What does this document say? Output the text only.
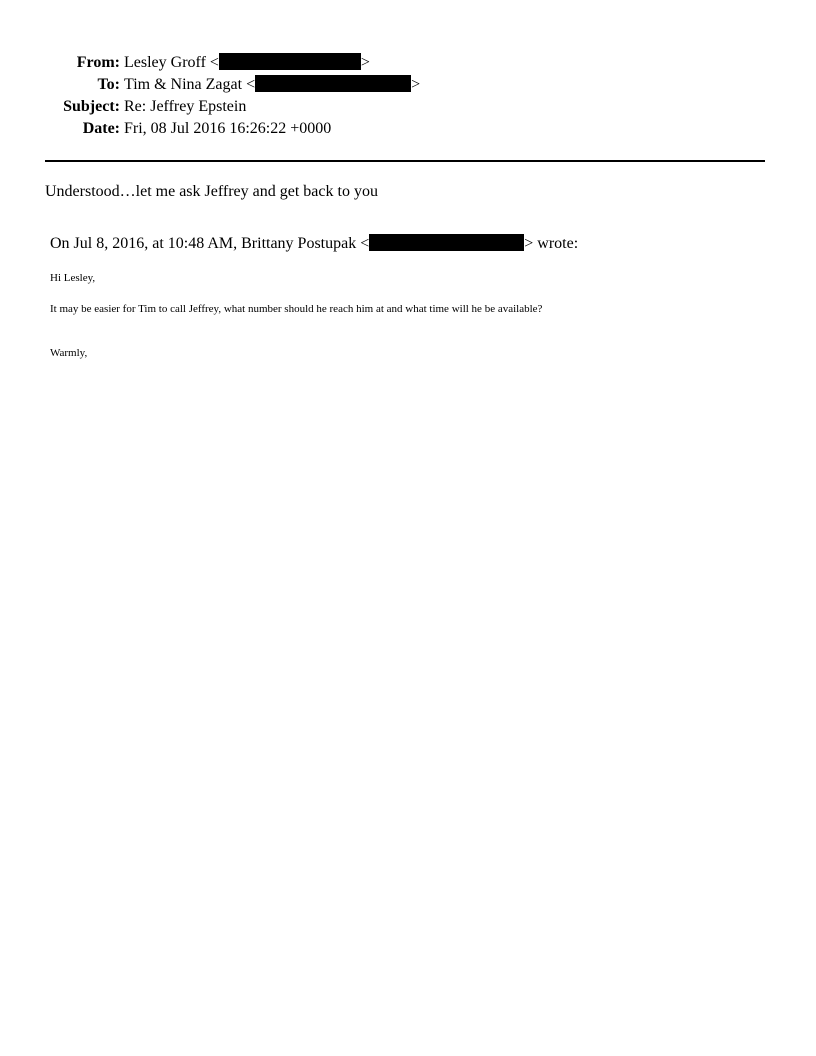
From: Lesley Groff <	>
To: Tim & Nina Zagat <	>
Subject: Re: Jeffrey Epstein
Date: Fri, 08 Jul 2016 16:26:22 +0000
Understood…let me ask Jeffrey and get back to you
On Jul 8, 2016, at 10:48 AM, Brittany Postupak <	> wrote:
Hi Lesley,
It may be easier for Tim to call Jeffrey, what number should he reach him at and what time will he be available?
Warmly,
